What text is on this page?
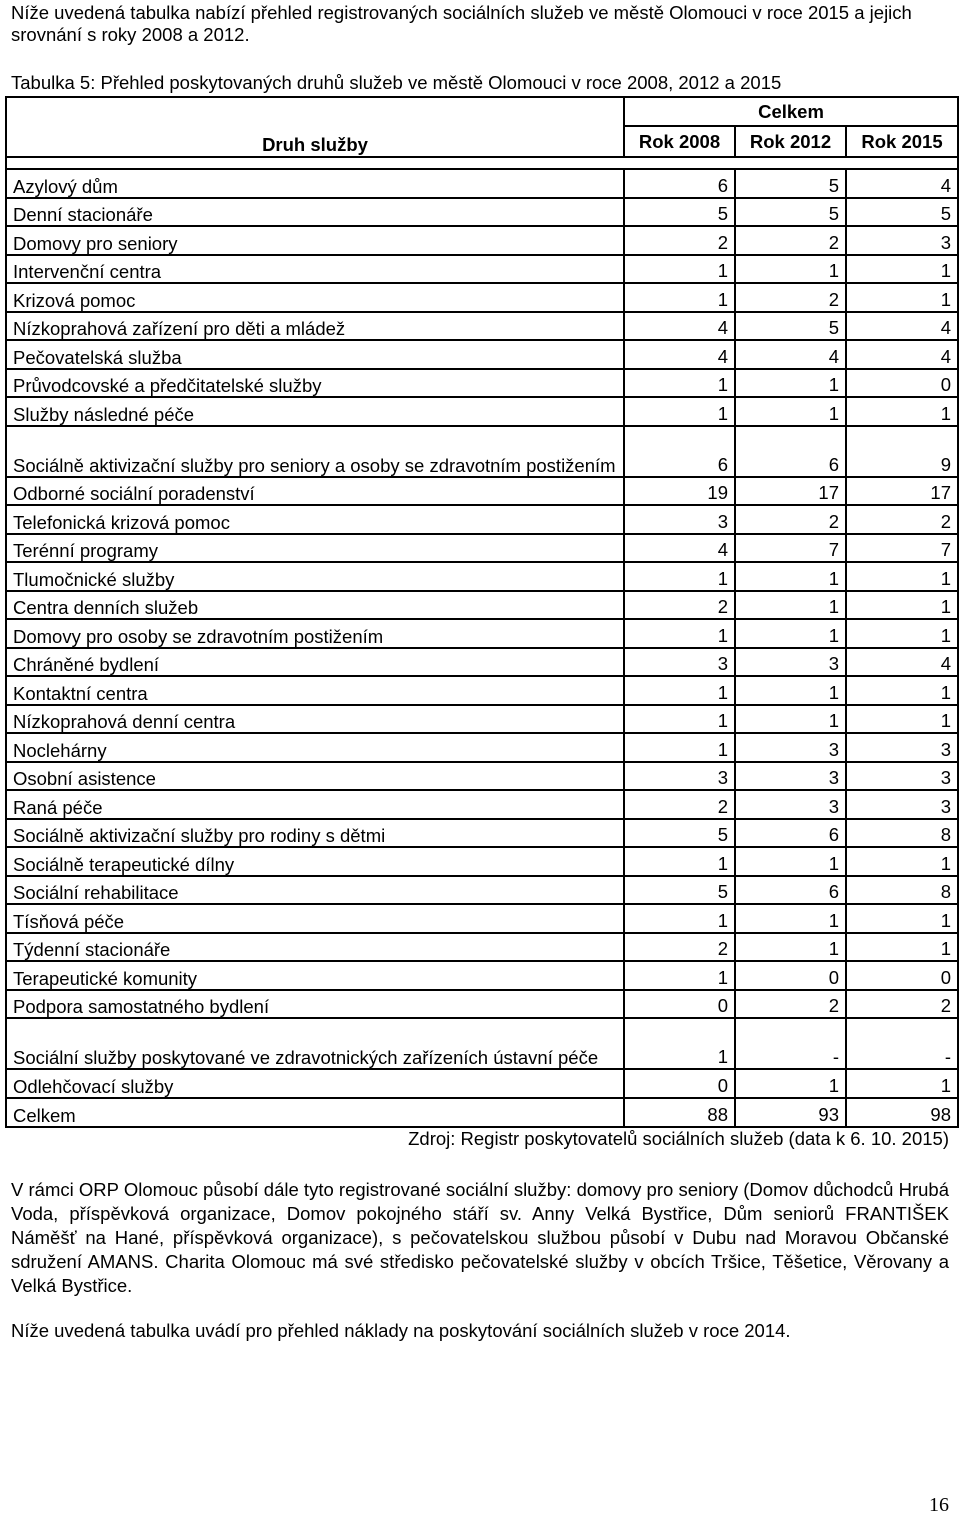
Níže uvedená tabulka nabízí přehled registrovaných sociálních služeb ve městě Olomouci v roce 2015 a jejich srovnání s roky 2008 a 2012.

Tabulka 5: Přehled poskytovaných druhů služeb ve městě Olomouci v roce 2008, 2012 a 2015

Druh služby	Celkem		
	Rok 2008	Rok 2012	Rok 2015

Azylový dům	6	5	4
Denní stacionáře	5	5	5
Domovy pro seniory	2	2	3
Intervenční centra	1	1	1
Krizová pomoc	1	2	1
Nízkoprahová zařízení pro děti a mládež	4	5	4
Pečovatelská služba	4	4	4
Průvodcovské a předčitatelské služby	1	1	0
Služby následné péče	1	1	1
Sociálně aktivizační služby pro seniory a osoby se zdravotním postižením	6	6	9
Odborné sociální poradenství	19	17	17
Telefonická krizová pomoc	3	2	2
Terénní programy	4	7	7
Tlumočnické služby	1	1	1
Centra denních služeb	2	1	1
Domovy pro osoby se zdravotním postižením	1	1	1
Chráněné bydlení	3	3	4
Kontaktní centra	1	1	1
Nízkoprahová denní centra	1	1	1
Noclehárny	1	3	3
Osobní asistence	3	3	3
Raná péče	2	3	3
Sociálně aktivizační služby pro rodiny s dětmi	5	6	8
Sociálně terapeutické dílny	1	1	1
Sociální rehabilitace	5	6	8
Tísňová péče	1	1	1
Týdenní stacionáře	2	1	1
Terapeutické komunity	1	0	0
Podpora samostatného bydlení	0	2	2
Sociální služby poskytované ve zdravotnických zařízeních ústavní péče	1	-	-
Odlehčovací služby	0	1	1
Celkem	88	93	98

Zdroj: Registr poskytovatelů sociálních služeb (data k 6. 10. 2015)

V rámci ORP Olomouc působí dále tyto registrované sociální služby: domovy pro seniory (Domov důchodců Hrubá Voda, příspěvková organizace, Domov pokojného stáří sv. Anny Velká Bystřice, Dům seniorů FRANTIŠEK Náměšť na Hané, příspěvková organizace), s pečovatelskou službou působí v Dubu nad Moravou Občanské sdružení AMANS. Charita Olomouc má své středisko pečovatelské služby v obcích Tršice, Těšetice, Věrovany a Velká Bystřice.

Níže uvedená tabulka uvádí pro přehled náklady na poskytování sociálních služeb v roce 2014.

16
